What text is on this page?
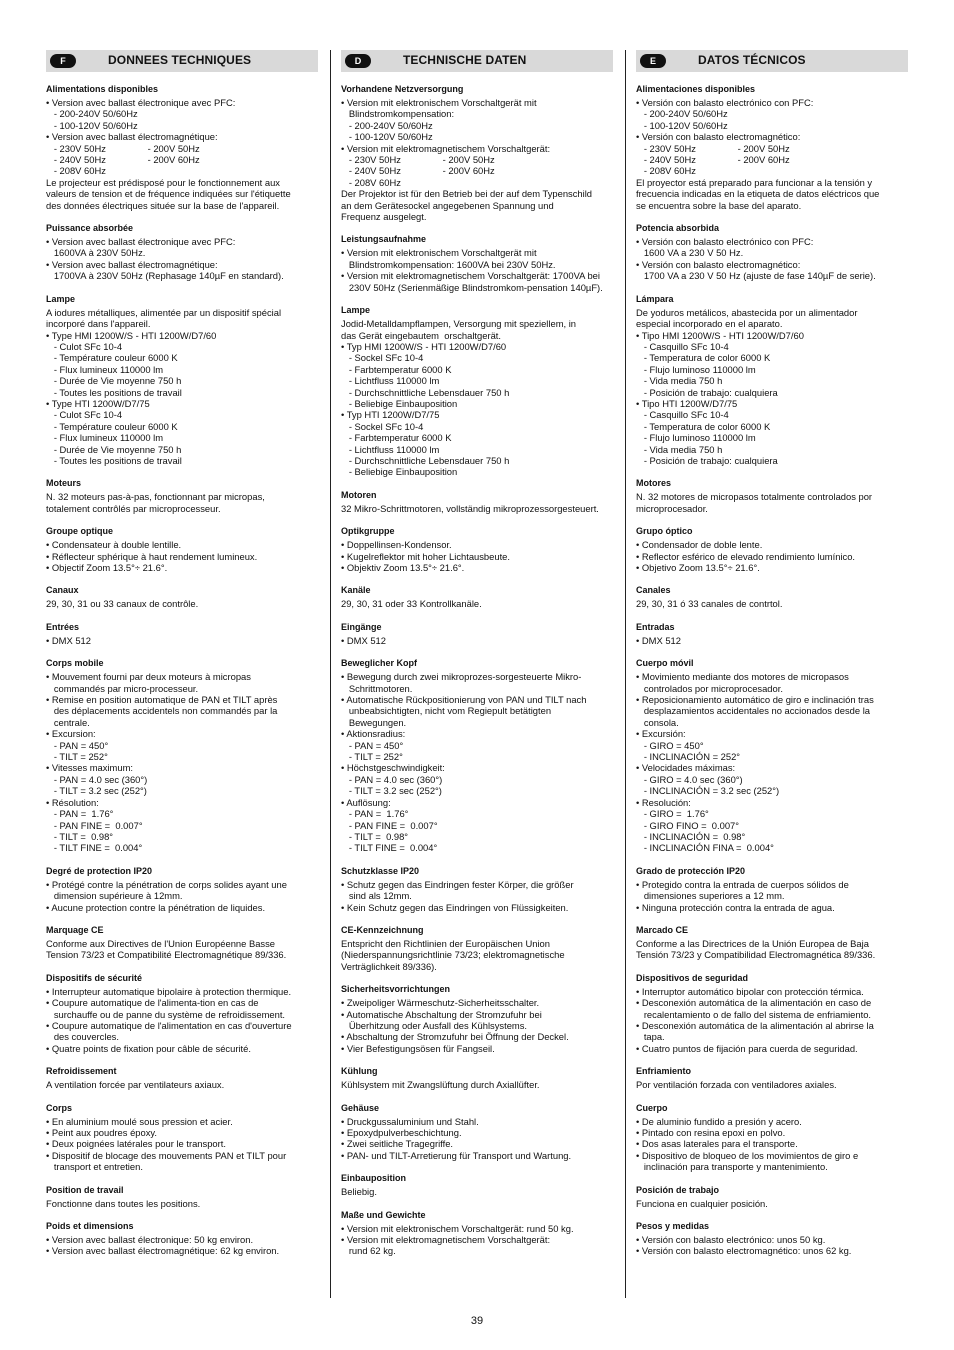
F	DONNEES TECHNIQUES
Alimentations disponibles
• Version avec ballast électronique avec PFC:
- 200-240V 50/60Hz
- 100-120V 50/60Hz
• Version avec ballast électromagnétique:
- 230V 50Hz                - 200V 50Hz
- 240V 50Hz                - 200V 60Hz
- 208V 60Hz
Le projecteur est prédisposé pour le fonctionnement aux
valeurs de tension et de fréquence indiquées sur l'étiquette
des données électriques située sur la base de l'appareil.
Puissance absorbée
• Version avec ballast électronique avec PFC:
1600VA à 230V 50Hz.
• Version avec ballast électromagnétique:
1700VA à 230V 50Hz (Rephasage 140µF en standard).
Lampe
A iodures métalliques, alimentée par un dispositif spécial
incorporé dans l'appareil.
• Type HMI 1200W/S - HTI 1200W/D7/60
- Culot SFc 10-4
- Température couleur 6000 K
- Flux lumineux 110000 lm
- Durée de Vie moyenne 750 h
- Toutes les positions de travail
• Type HTI 1200W/D7/75
- Culot SFc 10-4
- Température couleur 6000 K
- Flux lumineux 110000 lm
- Durée de Vie moyenne 750 h
- Toutes les positions de travail
Moteurs
N. 32 moteurs pas-à-pas, fonctionnant par micropas,
totalement contrôlés par microprocesseur.
Groupe optique
• Condensateur à double lentille.
• Réflecteur sphérique à haut rendement lumineux.
• Objectif Zoom 13.5°÷ 21.6°.
Canaux
29, 30, 31 ou 33 canaux de contrôle.
Entrées
• DMX 512
Corps mobile
• Mouvement fourni par deux moteurs à micropas
commandés par micro-processeur.
• Remise en position automatique de PAN et TILT après
des déplacements accidentels non commandés par la
centrale.
• Excursion:
- PAN = 450°
- TILT = 252°
• Vitesses maximum:
- PAN = 4.0 sec (360°)
- TILT = 3.2 sec (252°)
• Résolution:
- PAN =  1.76°
- PAN FINE =  0.007°
- TILT =  0.98°
- TILT FINE =  0.004°
Degré de protection IP20
• Protégé contre la pénétration de corps solides ayant une
dimension supérieure à 12mm.
• Aucune protection contre la pénétration de liquides.
Marquage CE
Conforme aux Directives de l'Union Européenne Basse
Tension 73/23 et Compatibilité Electromagnétique 89/336.
Dispositifs de sécurité
• Interrupteur automatique bipolaire à protection thermique.
• Coupure automatique de l'alimenta-tion en cas de
surchauffe ou de panne du système de refroidissement.
• Coupure automatique de l'alimentation en cas d'ouverture
des couvercles.
• Quatre points de fixation pour câble de sécurité.
Refroidissement
A ventilation forcée par ventilateurs axiaux.
Corps
• En aluminium moulé sous pression et acier.
• Peint aux poudres époxy.
• Deux poignées latérales pour le transport.
• Dispositif de blocage des mouvements PAN et TILT pour
transport et entretien.
Position de travail
Fonctionne dans toutes les positions.
Poids et dimensions
• Version avec ballast électronique: 50 kg environ.
• Version avec ballast électromagnétique: 62 kg environ.
D	TECHNISCHE DATEN
Vorhandene Netzversorgung
• Version mit elektronischem Vorschaltgerät mit
Blindstromkompensation:
- 200-240V 50/60Hz
- 100-120V 50/60Hz
• Version mit elektromagnetischem Vorschaltgerät:
- 230V 50Hz                - 200V 50Hz
- 240V 50Hz                - 200V 60Hz
- 208V 60Hz
Der Projektor ist für den Betrieb bei der auf dem Typenschild
an dem Gerätesockel angegebenen Spannung und
Frequenz ausgelegt.
Leistungsaufnahme
• Version mit elektronischem Vorschaltgerät mit
Blindstromkompensation: 1600VA bei 230V 50Hz.
• Version mit elektromagnetischem Vorschaltgerät: 1700VA bei
230V 50Hz (Serienmäßige Blindstromkom-pensation 140µF).
Lampe
Jodid-Metalldampflampen, Versorgung mit speziellem, in
das Gerät eingebautem  orschaltgerät.
• Typ HMI 1200W/S - HTI 1200W/D7/60
- Sockel SFc 10-4
- Farbtemperatur 6000 K
- Lichtfluss 110000 lm
- Durchschnittliche Lebensdauer 750 h
- Beliebige Einbauposition
• Typ HTI 1200W/D7/75
- Sockel SFc 10-4
- Farbtemperatur 6000 K
- Lichtfluss 110000 lm
- Durchschnittliche Lebensdauer 750 h
- Beliebige Einbauposition
Motoren
32 Mikro-Schrittmotoren, vollständig mikroprozessorgesteuert.
Optikgruppe
• Doppellinsen-Kondensor.
• Kugelreflektor mit hoher Lichtausbeute.
• Objektiv Zoom 13.5°÷ 21.6°.
Kanäle
29, 30, 31 oder 33 Kontrollkanäle.
Eingänge
• DMX 512
Beweglicher Kopf
• Bewegung durch zwei mikroprozes-sorgesteuerte Mikro-
Schrittmotoren.
• Automatische Rückpositionierung von PAN und TILT nach
unbeabsichtigten, nicht vom Regiepult betätigten
Bewegungen.
• Aktionsradius:
- PAN = 450°
- TILT = 252°
• Höchstgeschwindigkeit:
- PAN = 4.0 sec (360°)
- TILT = 3.2 sec (252°)
• Auflösung:
- PAN =  1.76°
- PAN FINE =  0.007°
- TILT =  0.98°
- TILT FINE =  0.004°
Schutzklasse IP20
• Schutz gegen das Eindringen fester Körper, die größer
sind als 12mm.
• Kein Schutz gegen das Eindringen von Flüssigkeiten.
CE-Kennzeichnung
Entspricht den Richtlinien der Europäischen Union
(Niederspannungsrichtlinie 73/23; elektromagnetische
Verträglichkeit 89/336).
Sicherheitsvorrichtungen
• Zweipoliger Wärmeschutz-Sicherheitsschalter.
• Automatische Abschaltung der Stromzufuhr bei
Überhitzung oder Ausfall des Kühlsystems.
• Abschaltung der Stromzufuhr bei Öffnung der Deckel.
• Vier Befestigungsösen für Fangseil.
Kühlung
Kühlsystem mit Zwangslüftung durch Axiallüfter.
Gehäuse
• Druckgussaluminium und Stahl.
• Epoxydpulverbeschichtung.
• Zwei seitliche Tragegriffe.
• PAN- und TILT-Arretierung für Transport und Wartung.
Einbauposition
Beliebig.
Maße und Gewichte
• Version mit elektronischem Vorschaltgerät: rund 50 kg.
• Version mit elektromagnetischem Vorschaltgerät:
rund 62 kg.
E	DATOS TÉCNICOS
Alimentaciones disponibles
• Versión con balasto electrónico con PFC:
- 200-240V 50/60Hz
- 100-120V 50/60Hz
• Versión con balasto electromagnético:
- 230V 50Hz                - 200V 50Hz
- 240V 50Hz                - 200V 60Hz
- 208V 60Hz
El proyector está preparado para funcionar a la tensión y
frecuencia indicadas en la etiqueta de datos eléctricos que
se encuentra sobre la base del aparato.
Potencia absorbida
• Versión con balasto electrónico con PFC:
1600 VA a 230 V 50 Hz.
• Versión con balasto electromagnético:
1700 VA a 230 V 50 Hz (ajuste de fase 140µF de serie).
Lámpara
De yoduros metálicos, abastecida por un alimentador
especial incorporado en el aparato.
• Tipo HMI 1200W/S - HTI 1200W/D7/60
- Casquillo SFc 10-4
- Temperatura de color 6000 K
- Flujo luminoso 110000 lm
- Vida media 750 h
- Posición de trabajo: cualquiera
• Tipo HTI 1200W/D7/75
- Casquillo SFc 10-4
- Temperatura de color 6000 K
- Flujo luminoso 110000 lm
- Vida media 750 h
- Posición de trabajo: cualquiera
Motores
N. 32 motores de micropasos totalmente controlados por
microprocesador.
Grupo óptico
• Condensador de doble lente.
• Reflector esférico de elevado rendimiento lumínico.
• Objetivo Zoom 13.5°÷ 21.6°.
Canales
29, 30, 31 ó 33 canales de contrtol.
Entradas
• DMX 512
Cuerpo móvil
• Movimiento mediante dos motores de micropasos
controlados por microprocesador.
• Reposicionamiento automático de giro e inclinación tras
desplazamientos accidentales no accionados desde la
consola.
• Excursión:
- GIRO = 450°
- INCLINACIÓN = 252°
• Velocidades máximas:
- GIRO = 4.0 sec (360°)
- INCLINACIÓN = 3.2 sec (252°)
• Resolución:
- GIRO =  1.76°
- GIRO FINO =  0.007°
- INCLINACIÓN =  0.98°
- INCLINACIÓN FINA =  0.004°
Grado de protección IP20
• Protegido contra la entrada de cuerpos sólidos de
dimensiones superiores a 12 mm.
• Ninguna protección contra la entrada de agua.
Marcado CE
Conforme a las Directrices de la Unión Europea de Baja
Tensión 73/23 y Compatibilidad Electromagnética 89/336.
Dispositivos de seguridad
• Interruptor automático bipolar con protección térmica.
• Desconexión automática de la alimentación en caso de
recalentamiento o de fallo del sistema de enfriamiento.
• Desconexión automática de la alimentación al abrirse la
tapa.
• Cuatro puntos de fijación para cuerda de seguridad.
Enfriamiento
Por ventilación forzada con ventiladores axiales.
Cuerpo
• De aluminio fundido a presión y acero.
• Pintado con resina epoxi en polvo.
• Dos asas laterales para el transporte.
• Dispositivo de bloqueo de los movimientos de giro e
inclinación para transporte y mantenimiento.
Posición de trabajo
Funciona en cualquier posición.
Pesos y medidas
• Versión con balasto electrónico: unos 50 kg.
• Versión con balasto electromagnético: unos 62 kg.
39
